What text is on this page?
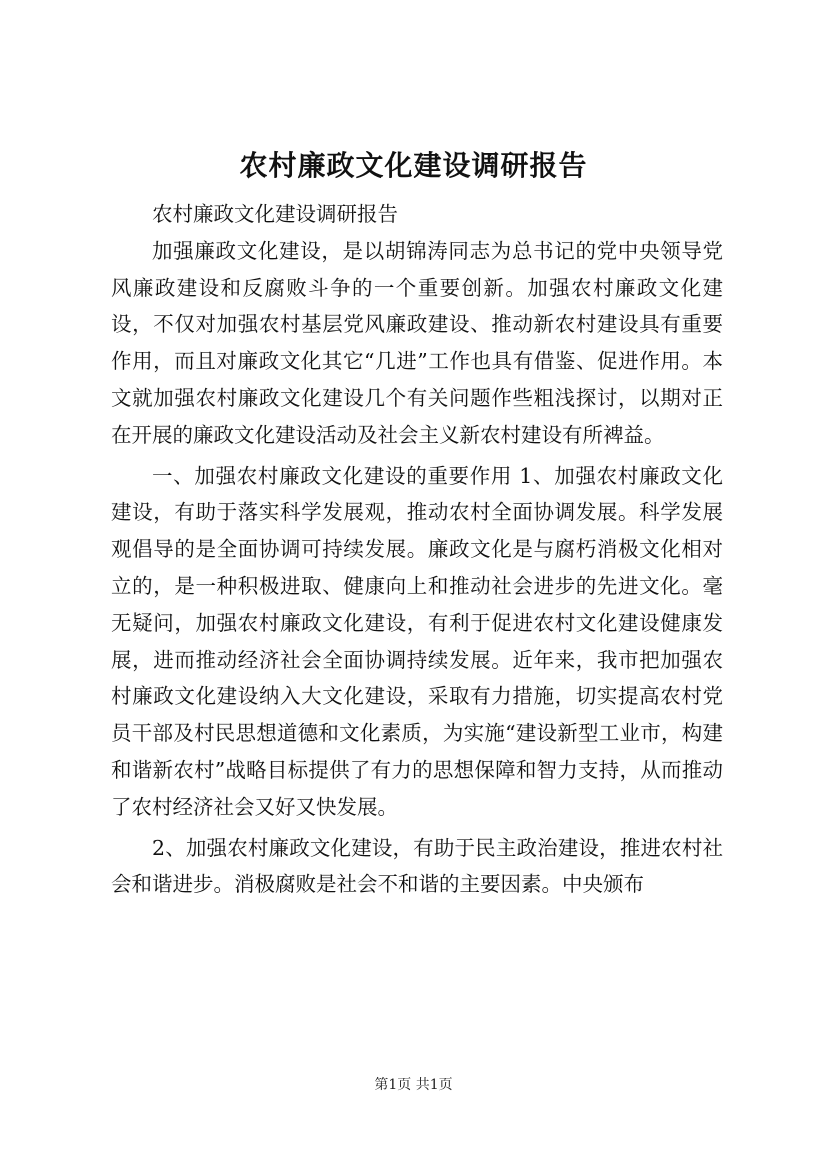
农村廉政文化建设调研报告

农村廉政文化建设调研报告

加强廉政文化建设，是以胡锦涛同志为总书记的党中央领导党风廉政建设和反腐败斗争的一个重要创新。加强农村廉政文化建设，不仅对加强农村基层党风廉政建设、推动新农村建设具有重要作用，而且对廉政文化其它“几进”工作也具有借鉴、促进作用。本文就加强农村廉政文化建设几个有关问题作些粗浅探讨，以期对正在开展的廉政文化建设活动及社会主义新农村建设有所裨益。

一、加强农村廉政文化建设的重要作用 1、加强农村廉政文化建设，有助于落实科学发展观，推动农村全面协调发展。科学发展观倡导的是全面协调可持续发展。廉政文化是与腐朽消极文化相对立的，是一种积极进取、健康向上和推动社会进步的先进文化。毫无疑问，加强农村廉政文化建设，有利于促进农村文化建设健康发展，进而推动经济社会全面协调持续发展。近年来，我市把加强农村廉政文化建设纳入大文化建设，采取有力措施，切实提高农村党员干部及村民思想道德和文化素质，为实施“建设新型工业市，构建和谐新农村”战略目标提供了有力的思想保障和智力支持，从而推动了农村经济社会又好又快发展。

2、加强农村廉政文化建设，有助于民主政治建设，推进农村社会和谐进步。消极腐败是社会不和谐的主要因素。中央颁布

第1页 共1页
